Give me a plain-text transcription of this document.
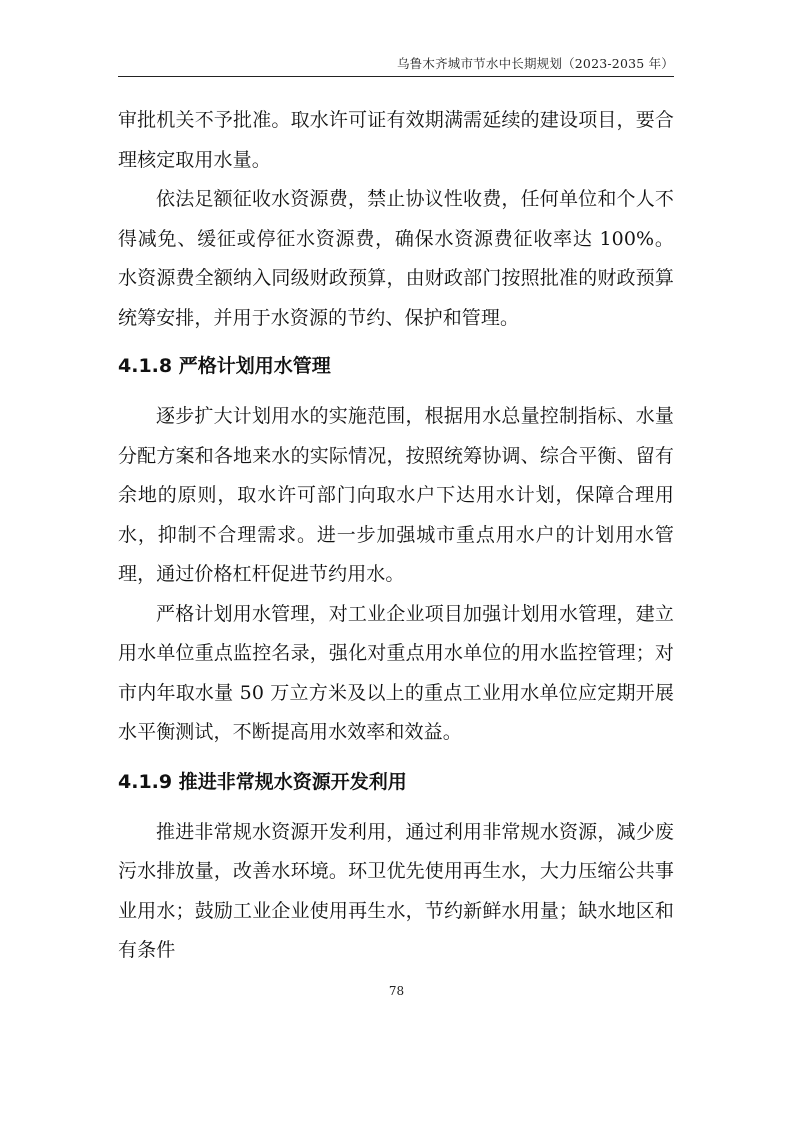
乌鲁木齐城市节水中长期规划（2023-2035 年）

审批机关不予批准。取水许可证有效期满需延续的建设项目，要合理核定取用水量。

依法足额征收水资源费，禁止协议性收费，任何单位和个人不得减免、缓征或停征水资源费，确保水资源费征收率达 100%。水资源费全额纳入同级财政预算，由财政部门按照批准的财政预算统筹安排，并用于水资源的节约、保护和管理。

4.1.8 严格计划用水管理

逐步扩大计划用水的实施范围，根据用水总量控制指标、水量分配方案和各地来水的实际情况，按照统筹协调、综合平衡、留有余地的原则，取水许可部门向取水户下达用水计划，保障合理用水，抑制不合理需求。进一步加强城市重点用水户的计划用水管理，通过价格杠杆促进节约用水。

严格计划用水管理，对工业企业项目加强计划用水管理，建立用水单位重点监控名录，强化对重点用水单位的用水监控管理；对市内年取水量 50 万立方米及以上的重点工业用水单位应定期开展水平衡测试，不断提高用水效率和效益。

4.1.9 推进非常规水资源开发利用

推进非常规水资源开发利用，通过利用非常规水资源，减少废污水排放量，改善水环境。环卫优先使用再生水，大力压缩公共事业用水；鼓励工业企业使用再生水，节约新鲜水用量；缺水地区和有条件

78
